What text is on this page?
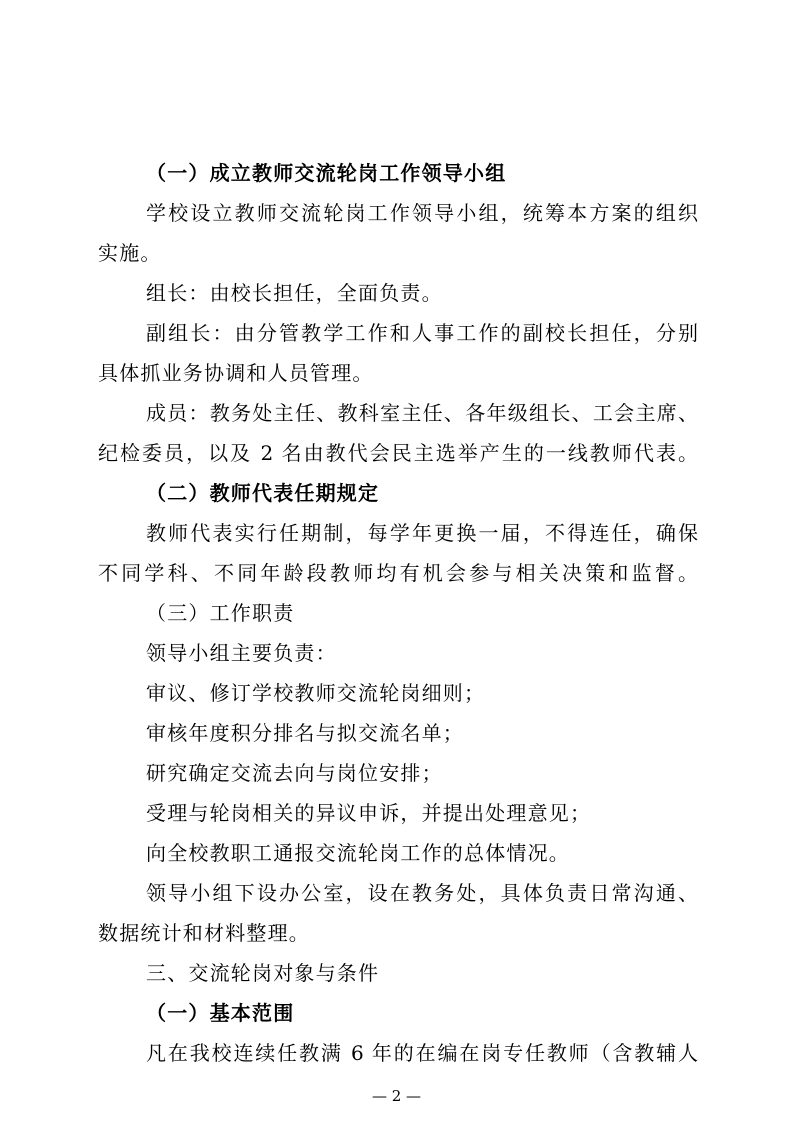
（一）成立教师交流轮岗工作领导小组
学校设立教师交流轮岗工作领导小组，统筹本方案的组织
实施。
组长：由校长担任，全面负责。
副组长：由分管教学工作和人事工作的副校长担任，分别
具体抓业务协调和人员管理。
成员：教务处主任、教科室主任、各年级组长、工会主席、
纪检委员，以及 2 名由教代会民主选举产生的一线教师代表。
（二）教师代表任期规定
教师代表实行任期制，每学年更换一届，不得连任，确保
不同学科、不同年龄段教师均有机会参与相关决策和监督。
（三）工作职责
领导小组主要负责：
审议、修订学校教师交流轮岗细则；
审核年度积分排名与拟交流名单；
研究确定交流去向与岗位安排；
受理与轮岗相关的异议申诉，并提出处理意见；
向全校教职工通报交流轮岗工作的总体情况。
领导小组下设办公室，设在教务处，具体负责日常沟通、
数据统计和材料整理。
三、交流轮岗对象与条件
（一）基本范围
凡在我校连续任教满 6 年的在编在岗专任教师（含教辅人
— 2 —
